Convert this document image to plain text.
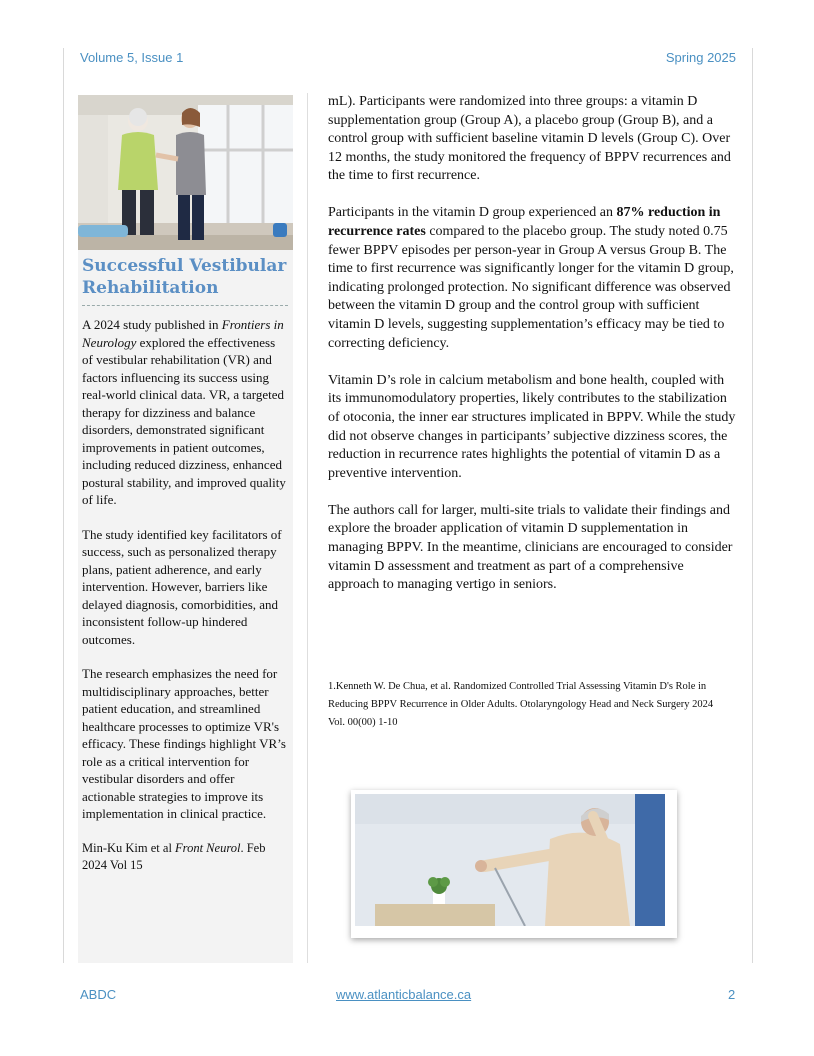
Volume 5, Issue 1	Spring 2025
Successful Vestibular Rehabilitation

A 2024 study published in Frontiers in Neurology explored the effectiveness of vestibular rehabilitation (VR) and factors influencing its success using real-world clinical data. VR, a targeted therapy for dizziness and balance disorders, demonstrated significant improvements in patient outcomes, including reduced dizziness, enhanced postural stability, and improved quality of life.

The study identified key facilitators of success, such as personalized therapy plans, patient adherence, and early intervention. However, barriers like delayed diagnosis, comorbidities, and inconsistent follow-up hindered outcomes.

The research emphasizes the need for multidisciplinary approaches, better patient education, and streamlined healthcare processes to optimize VR's efficacy. These findings highlight VR’s role as a critical intervention for vestibular disorders and offer actionable strategies to improve its implementation in clinical practice.

Min-Ku Kim et al Front Neurol. Feb 2024 Vol 15

mL). Participants were randomized into three groups: a vitamin D supplementation group (Group A), a placebo group (Group B), and a control group with sufficient baseline vitamin D levels (Group C). Over 12 months, the study monitored the frequency of BPPV recurrences and the time to first recurrence.

Participants in the vitamin D group experienced an 87% reduction in recurrence rates compared to the placebo group. The study noted 0.75 fewer BPPV episodes per person-year in Group A versus Group B. The time to first recurrence was significantly longer for the vitamin D group, indicating prolonged protection. No significant difference was observed between the vitamin D group and the control group with sufficient vitamin D levels, suggesting supplementation’s efficacy may be tied to correcting deficiency.

Vitamin D’s role in calcium metabolism and bone health, coupled with its immunomodulatory properties, likely contributes to the stabilization of otoconia, the inner ear structures implicated in BPPV. While the study did not observe changes in participants’ subjective dizziness scores, the reduction in recurrence rates highlights the potential of vitamin D as a preventive intervention.

The authors call for larger, multi-site trials to validate their findings and explore the broader application of vitamin D supplementation in managing BPPV. In the meantime, clinicians are encouraged to consider vitamin D assessment and treatment as part of a comprehensive approach to managing vertigo in seniors.

1.Kenneth W. De Chua, et al. Randomized Controlled Trial Assessing Vitamin D's Role in Reducing BPPV Recurrence in Older Adults. Otolaryngology Head and Neck Surgery 2024 Vol. 00(00) 1-10
ABDC	www.atlanticbalance.ca	2
